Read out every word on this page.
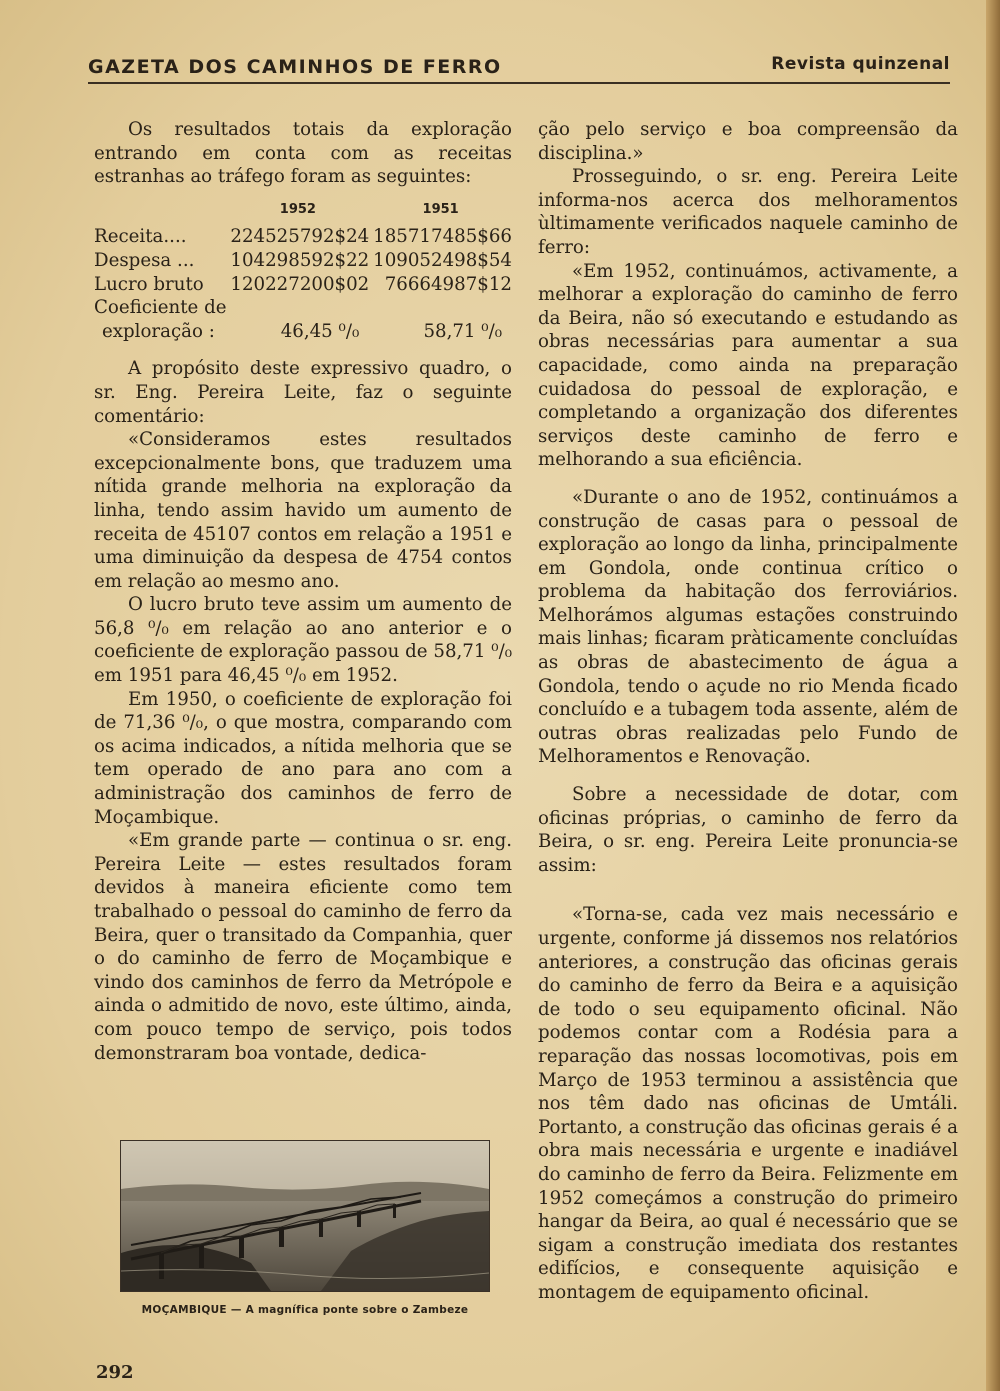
GAZETA DOS CAMINHOS DE FERRO	Revista quinzenal

Os resultados totais da exploração entrando em conta com as receitas estranhas ao tráfego foram as seguintes:

	1952	1951
Receita....	224525792$24	185717485$66
Despesa ...	104298592$22	109052498$54
Lucro bruto	120227200$02	76664987$12
Coeficiente de		
exploração :	46,45 ⁰/₀	58,71 ⁰/₀

A propósito deste expressivo quadro, o sr. Eng. Pereira Leite, faz o seguinte comentário:

«Consideramos estes resultados excepcionalmente bons, que traduzem uma nítida grande melhoria na exploração da linha, tendo assim havido um aumento de receita de 45107 contos em relação a 1951 e uma diminuição da despesa de 4754 contos em relação ao mesmo ano.

O lucro bruto teve assim um aumento de 56,8 ⁰/₀ em relação ao ano anterior e o coeficiente de exploração passou de 58,71 ⁰/₀ em 1951 para 46,45 ⁰/₀ em 1952.

Em 1950, o coeficiente de exploração foi de 71,36 ⁰/₀, o que mostra, comparando com os acima indicados, a nítida melhoria que se tem operado de ano para ano com a administração dos caminhos de ferro de Moçambique.

«Em grande parte — continua o sr. eng. Pereira Leite — estes resultados foram devidos à maneira eficiente como tem trabalhado o pessoal do caminho de ferro da Beira, quer o transitado da Companhia, quer o do caminho de ferro de Moçambique e vindo dos caminhos de ferro da Metrópole e ainda o admitido de novo, este último, ainda, com pouco tempo de serviço, pois todos demonstraram boa vontade, dedica-

ção pelo serviço e boa compreensão da disciplina.»

Prosseguindo, o sr. eng. Pereira Leite informa-nos acerca dos melhoramentos ùltimamente verificados naquele caminho de ferro:

«Em 1952, continuámos, activamente, a melhorar a exploração do caminho de ferro da Beira, não só executando e estudando as obras necessárias para aumentar a sua capacidade, como ainda na preparação cuidadosa do pessoal de exploração, e completando a organização dos diferentes serviços deste caminho de ferro e melhorando a sua eficiência.

«Durante o ano de 1952, continuámos a construção de casas para o pessoal de exploração ao longo da linha, principalmente em Gondola, onde continua crítico o problema da habitação dos ferroviários. Melhorámos algumas estações construindo mais linhas; ficaram pràticamente concluídas as obras de abastecimento de água a Gondola, tendo o açude no rio Menda ficado concluído e a tubagem toda assente, além de outras obras realizadas pelo Fundo de Melhoramentos e Renovação.

Sobre a necessidade de dotar, com oficinas próprias, o caminho de ferro da Beira, o sr. eng. Pereira Leite pronuncia-se assim:

«Torna-se, cada vez mais necessário e urgente, conforme já dissemos nos relatórios anteriores, a construção das oficinas gerais do caminho de ferro da Beira e a aquisição de todo o seu equipamento oficinal. Não podemos contar com a Rodésia para a reparação das nossas locomotivas, pois em Março de 1953 terminou a assistência que nos têm dado nas oficinas de Umtáli. Portanto, a construção das oficinas gerais é a obra mais necessária e urgente e inadiável do caminho de ferro da Beira. Felizmente em 1952 começámos a construção do primeiro hangar da Beira, ao qual é necessário que se sigam a construção imediata dos restantes edifícios, e consequente aquisição e montagem de equipamento oficinal.

MOÇAMBIQUE — A magnífica ponte sobre o Zambeze
292
